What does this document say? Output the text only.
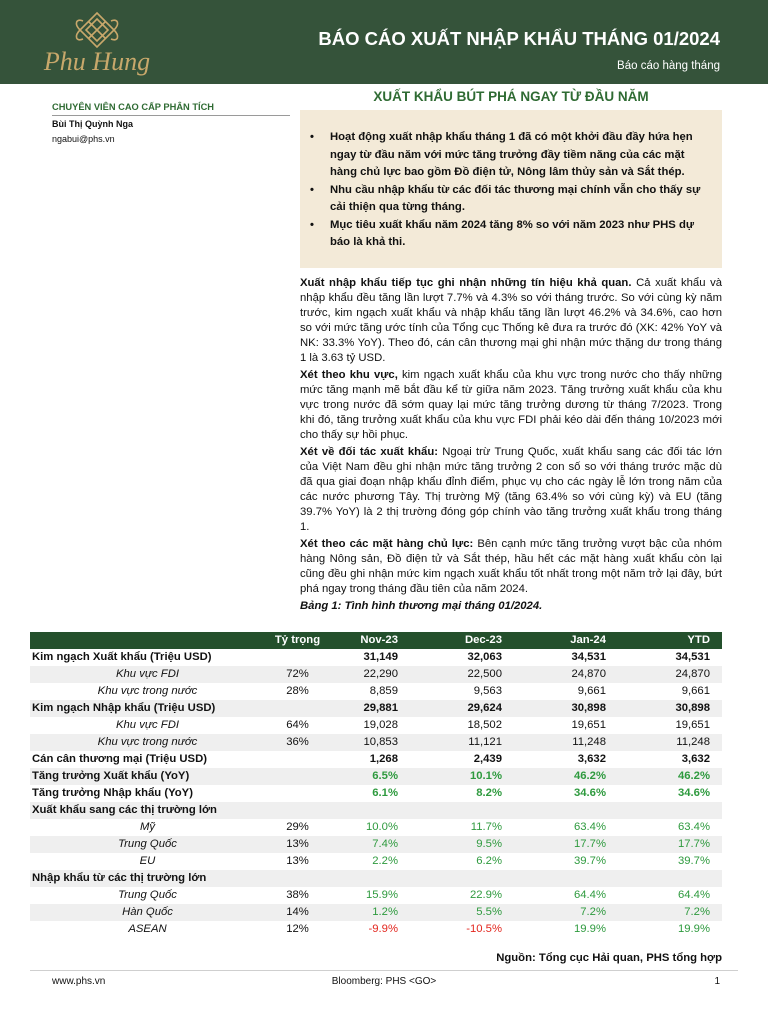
Phu Hung
BÁO CÁO XUẤT NHẬP KHẨU THÁNG 01/2024
Báo cáo hàng tháng
CHUYÊN VIÊN CAO CẤP PHÂN TÍCH
Bùi Thị Quỳnh Nga
ngabui@phs.vn
XUẤT KHẨU BÚT PHÁ NGAY TỪ ĐẦU NĂM
• Hoạt động xuất nhập khẩu tháng 1 đã có một khởi đầu đầy hứa hẹn ngay từ đầu năm với mức tăng trưởng đầy tiềm năng của các mặt hàng chủ lực bao gồm Đồ điện tử, Nông lâm thủy sản và Sắt thép.
• Nhu cầu nhập khẩu từ các đối tác thương mại chính vẫn cho thấy sự cải thiện qua từng tháng.
• Mục tiêu xuất khẩu năm 2024 tăng 8% so với năm 2023 như PHS dự báo là khả thi.

Xuất nhập khẩu tiếp tục ghi nhận những tín hiệu khả quan. Cả xuất khẩu và nhập khẩu đều tăng lần lượt 7.7% và 4.3% so với tháng trước. So với cùng kỳ năm trước, kim ngạch xuất khẩu và nhập khẩu tăng lần lượt 46.2% và 34.6%, cao hơn so với mức tăng ước tính của Tổng cục Thống kê đưa ra trước đó (XK: 42% YoY và NK: 33.3% YoY). Theo đó, cán cân thương mại ghi nhận mức thặng dư trong tháng 1 là 3.63 tỷ USD.

Xét theo khu vực, kim ngạch xuất khẩu của khu vực trong nước cho thấy những mức tăng mạnh mẽ bắt đầu kể từ giữa năm 2023. Tăng trưởng xuất khẩu của khu vực trong nước đã sớm quay lại mức tăng trưởng dương từ tháng 7/2023. Trong khi đó, tăng trưởng xuất khẩu của khu vực FDI phải kéo dài đến tháng 10/2023 mới cho thấy sự hồi phục.

Xét về đối tác xuất khẩu: Ngoại trừ Trung Quốc, xuất khẩu sang các đối tác lớn của Việt Nam đều ghi nhận mức tăng trưởng 2 con số so với tháng trước mặc dù đã qua giai đoạn nhập khẩu đỉnh điểm, phục vụ cho các ngày lễ lớn trong năm của các nước phương Tây. Thị trường Mỹ (tăng 63.4% so với cùng kỳ) và EU (tăng 39.7% YoY) là 2 thị trường đóng góp chính vào tăng trưởng xuất khẩu trong tháng 1.

Xét theo các mặt hàng chủ lực: Bên cạnh mức tăng trưởng vượt bậc của nhóm hàng Nông sản, Đồ điện tử và Sắt thép, hầu hết các mặt hàng xuất khẩu còn lại cũng đều ghi nhận mức kim ngạch xuất khẩu tốt nhất trong một năm trở lại đây, bứt phá ngay trong tháng đầu tiên của năm 2024.

Bảng 1: Tình hình thương mại tháng 01/2024.

	Tỷ trọng	Nov-23	Dec-23	Jan-24	YTD
Kim ngạch Xuất khẩu (Triệu USD)		31,149	32,063	34,531	34,531
Khu vực FDI	72%	22,290	22,500	24,870	24,870
Khu vực trong nước	28%	8,859	9,563	9,661	9,661
Kim ngạch Nhập khẩu (Triệu USD)		29,881	29,624	30,898	30,898
Khu vực FDI	64%	19,028	18,502	19,651	19,651
Khu vực trong nước	36%	10,853	11,121	11,248	11,248
Cán cân thương mại (Triệu USD)		1,268	2,439	3,632	3,632
Tăng trưởng Xuất khẩu (YoY)		6.5%	10.1%	46.2%	46.2%
Tăng trưởng Nhập khẩu (YoY)		6.1%	8.2%	34.6%	34.6%
Xuất khẩu sang các thị trường lớn					
Mỹ	29%	10.0%	11.7%	63.4%	63.4%
Trung Quốc	13%	7.4%	9.5%	17.7%	17.7%
EU	13%	2.2%	6.2%	39.7%	39.7%
Nhập khẩu từ các thị trường lớn					
Trung Quốc	38%	15.9%	22.9%	64.4%	64.4%
Hàn Quốc	14%	1.2%	5.5%	7.2%	7.2%
ASEAN	12%	-9.9%	-10.5%	19.9%	19.9%
Nguồn: Tổng cục Hải quan, PHS tổng hợp
www.phs.vn	Bloomberg: PHS <GO>	1
